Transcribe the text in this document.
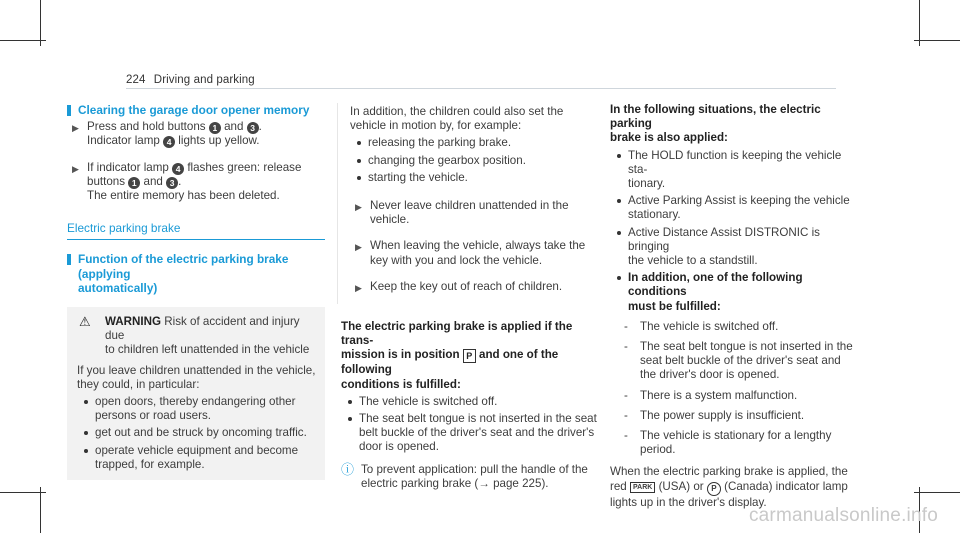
224 Driving and parking
Clearing the garage door opener memory
▶ Press and hold buttons 1 and 3 .
Indicator lamp 4 lights up yellow.
▶ If indicator lamp 4 flashes green: release
buttons 1 and 3 .
The entire memory has been deleted.
Electric parking brake
Function of the electric parking brake (applying
automatically)
⚠ WARNING Risk of accident and injury due
to children left unattended in the vehicle
If you leave children unattended in the vehicle,
they could, in particular:
open doors, thereby endangering other
persons or road users.
get out and be struck by oncoming traffic.
operate vehicle equipment and become
trapped, for example.
In addition, the children could also set the
vehicle in motion by, for example:
releasing the parking brake.
changing the gearbox position.
starting the vehicle.
▶ Never leave children unattended in the
vehicle.
▶ When leaving the vehicle, always take the
key with you and lock the vehicle.
▶ Keep the key out of reach of children.
The electric parking brake is applied if the trans-
mission is in position P and one of the following
conditions is fulfilled:
The vehicle is switched off.
The seat belt tongue is not inserted in the seat
belt buckle of the driver's seat and the driver's
door is opened.
ⓘ To prevent application: pull the handle of the
electric parking brake (→ page 225).
In the following situations, the electric parking
brake is also applied:
The HOLD function is keeping the vehicle sta-
tionary.
Active Parking Assist is keeping the vehicle
stationary.
Active Distance Assist DISTRONIC is bringing
the vehicle to a standstill.
In addition, one of the following conditions
must be fulfilled:
- The vehicle is switched off.
- The seat belt tongue is not inserted in the
seat belt buckle of the driver's seat and
the driver's door is opened.
- There is a system malfunction.
- The power supply is insufficient.
- The vehicle is stationary for a lengthy
period.
When the electric parking brake is applied, the
red PARK (USA) or P (Canada) indicator lamp
lights up in the driver's display.
carmanualsonline.info
